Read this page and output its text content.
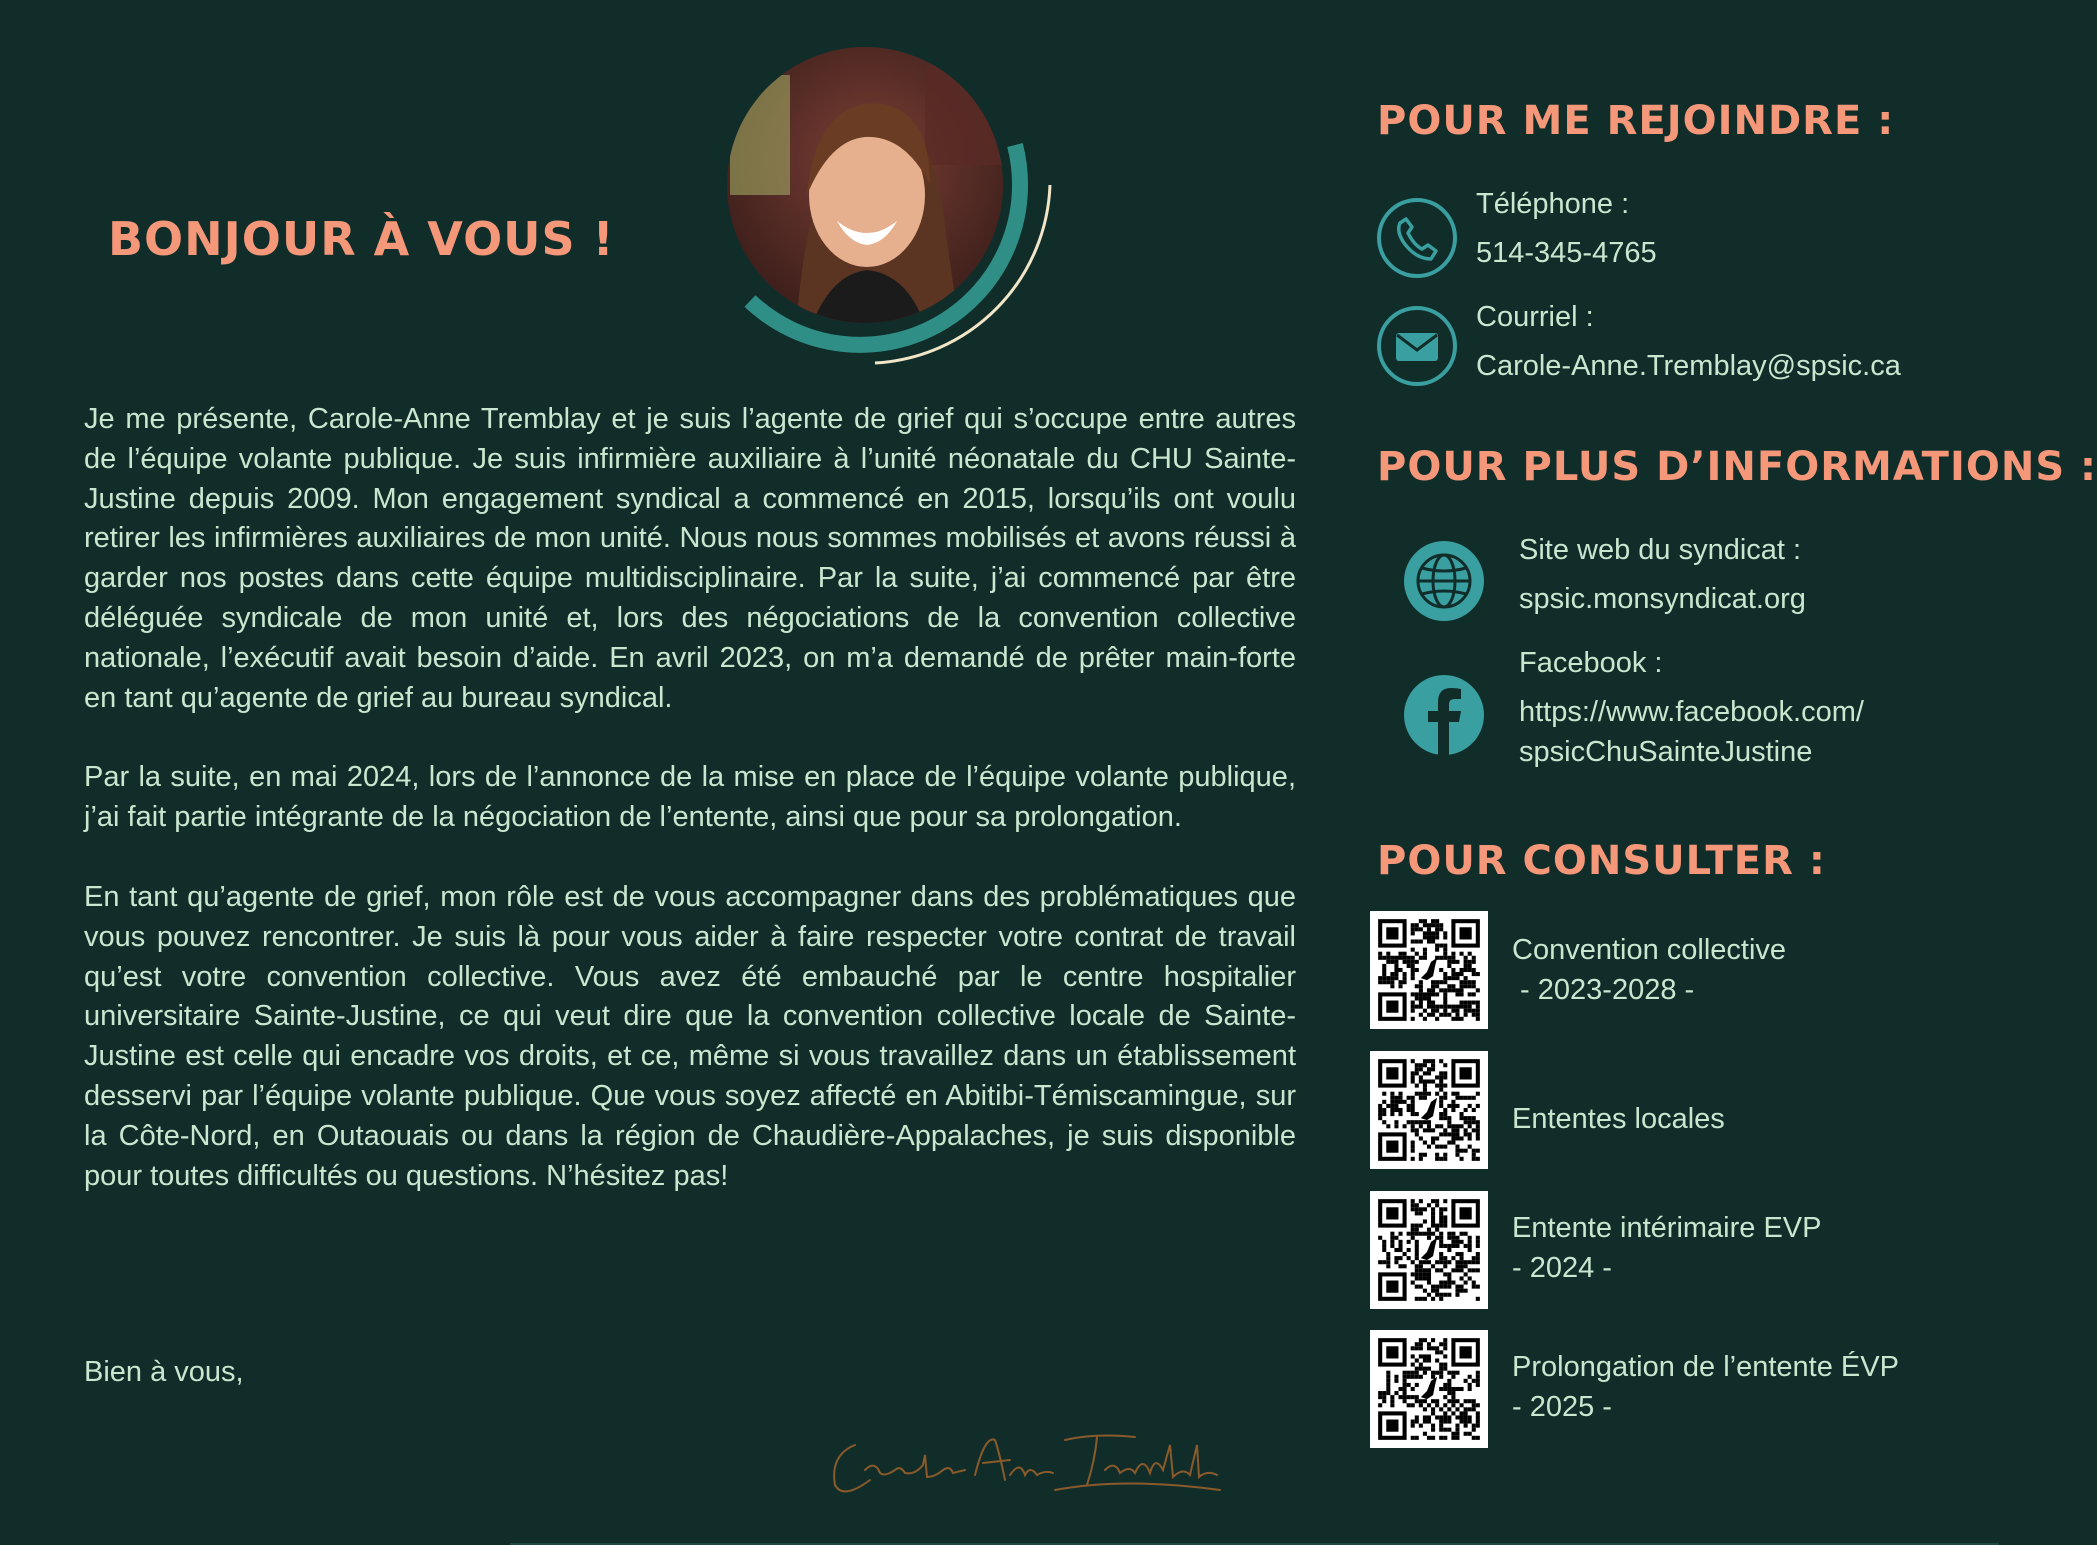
BONJOUR À VOUS !

Je me présente, Carole-Anne Tremblay et je suis l’agente de grief qui s’occupe entre autres de l’équipe volante publique. Je suis infirmière auxiliaire à l’unité néonatale du CHU Sainte-Justine depuis 2009. Mon engagement syndical a commencé en 2015, lorsqu’ils ont voulu retirer les infirmières auxiliaires de mon unité. Nous nous sommes mobilisés et avons réussi à garder nos postes dans cette équipe multidisciplinaire. Par la suite, j’ai commencé par être déléguée syndicale de mon unité et, lors des négociations de la convention collective nationale, l’exécutif avait besoin d’aide. En avril 2023, on m’a demandé de prêter main-forte en tant qu’agente de grief au bureau syndical.

Par la suite, en mai 2024, lors de l’annonce de la mise en place de l’équipe volante publique, j’ai fait partie intégrante de la négociation de l’entente, ainsi que pour sa prolongation.

En tant qu’agente de grief, mon rôle est de vous accompagner dans des problématiques que vous pouvez rencontrer. Je suis là pour vous aider à faire respecter votre contrat de travail qu’est votre convention collective. Vous avez été embauché par le centre hospitalier universitaire Sainte-Justine, ce qui veut dire que la convention collective locale de Sainte-Justine est celle qui encadre vos droits, et ce, même si vous travaillez dans un établissement desservi par l’équipe volante publique. Que vous soyez affecté en Abitibi-Témiscamingue, sur la Côte-Nord, en Outaouais ou dans la région de Chaudière-Appalaches, je suis disponible pour toutes difficultés ou questions. N’hésitez pas!

Bien à vous,
POUR ME REJOINDRE :
Téléphone :
514-345-4765
Courriel :
Carole-Anne.Tremblay@spsic.ca
POUR PLUS D’INFORMATIONS :
Site web du syndicat :
spsic.monsyndicat.org
Facebook :
https://www.facebook.com/
spsicChuSainteJustine
POUR CONSULTER :
Convention collective
- 2023-2028 -
Ententes locales
Entente intérimaire EVP
- 2024 -
Prolongation de l’entente ÉVP
- 2025 -
